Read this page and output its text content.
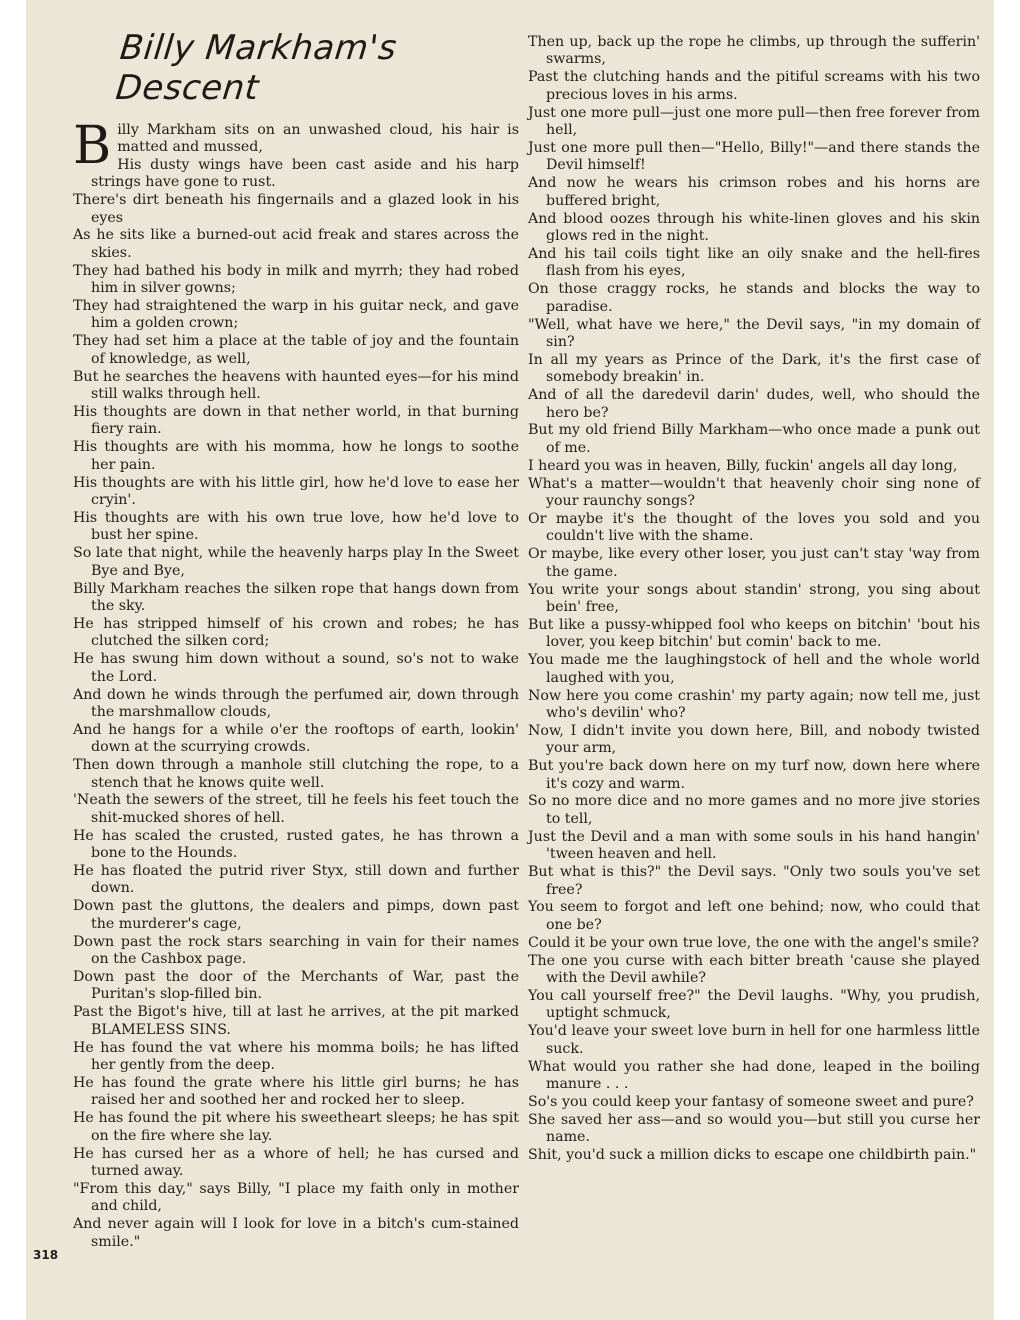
Billy Markham's Descent

Billy Markham sits on an unwashed cloud, his hair is matted and mussed,
His dusty wings have been cast aside and his harp strings have gone to rust.

There's dirt beneath his fingernails and a glazed look in his eyes

As he sits like a burned-out acid freak and stares across the skies.

They had bathed his body in milk and myrrh; they had robed him in silver gowns;

They had straightened the warp in his guitar neck, and gave him a golden crown;

They had set him a place at the table of joy and the fountain of knowledge, as well,

But he searches the heavens with haunted eyes—for his mind still walks through hell.

His thoughts are down in that nether world, in that burning fiery rain.

His thoughts are with his momma, how he longs to soothe her pain.

His thoughts are with his little girl, how he'd love to ease her cryin'.

His thoughts are with his own true love, how he'd love to bust her spine.

So late that night, while the heavenly harps play In the Sweet Bye and Bye,

Billy Markham reaches the silken rope that hangs down from the sky.

He has stripped himself of his crown and robes; he has clutched the silken cord;

He has swung him down without a sound, so's not to wake the Lord.

And down he winds through the perfumed air, down through the marshmallow clouds,

And he hangs for a while o'er the rooftops of earth, lookin' down at the scurrying crowds.

Then down through a manhole still clutching the rope, to a stench that he knows quite well.

'Neath the sewers of the street, till he feels his feet touch the shit-mucked shores of hell.

He has scaled the crusted, rusted gates, he has thrown a bone to the Hounds.

He has floated the putrid river Styx, still down and further down.

Down past the gluttons, the dealers and pimps, down past the murderer's cage,

Down past the rock stars searching in vain for their names on the Cashbox page.

Down past the door of the Merchants of War, past the Puritan's slop-filled bin.

Past the Bigot's hive, till at last he arrives, at the pit marked BLAMELESS SINS.

He has found the vat where his momma boils; he has lifted her gently from the deep.

He has found the grate where his little girl burns; he has raised her and soothed her and rocked her to sleep.

He has found the pit where his sweetheart sleeps; he has spit on the fire where she lay.

He has cursed her as a whore of hell; he has cursed and turned away.

"From this day," says Billy, "I place my faith only in mother and child,

And never again will I look for love in a bitch's cum-stained smile."

Then up, back up the rope he climbs, up through the sufferin' swarms,

Past the clutching hands and the pitiful screams with his two precious loves in his arms.

Just one more pull—just one more pull—then free forever from hell,

Just one more pull then—"Hello, Billy!"—and there stands the Devil himself!

And now he wears his crimson robes and his horns are buffered bright,

And blood oozes through his white-linen gloves and his skin glows red in the night.

And his tail coils tight like an oily snake and the hell-fires flash from his eyes,

On those craggy rocks, he stands and blocks the way to paradise.

"Well, what have we here," the Devil says, "in my domain of sin?

In all my years as Prince of the Dark, it's the first case of somebody breakin' in.

And of all the daredevil darin' dudes, well, who should the hero be?

But my old friend Billy Markham—who once made a punk out of me.

I heard you was in heaven, Billy, fuckin' angels all day long,

What's a matter—wouldn't that heavenly choir sing none of your raunchy songs?

Or maybe it's the thought of the loves you sold and you couldn't live with the shame.

Or maybe, like every other loser, you just can't stay 'way from the game.

You write your songs about standin' strong, you sing about bein' free,

But like a pussy-whipped fool who keeps on bitchin' 'bout his lover, you keep bitchin' but comin' back to me.

You made me the laughingstock of hell and the whole world laughed with you,

Now here you come crashin' my party again; now tell me, just who's devilin' who?

Now, I didn't invite you down here, Bill, and nobody twisted your arm,

But you're back down here on my turf now, down here where it's cozy and warm.

So no more dice and no more games and no more jive stories to tell,

Just the Devil and a man with some souls in his hand hangin' 'tween heaven and hell.

But what is this?" the Devil says. "Only two souls you've set free?

You seem to forgot and left one behind; now, who could that one be?

Could it be your own true love, the one with the angel's smile?

The one you curse with each bitter breath 'cause she played with the Devil awhile?

You call yourself free?" the Devil laughs. "Why, you prudish, uptight schmuck,

You'd leave your sweet love burn in hell for one harmless little suck.

What would you rather she had done, leaped in the boiling manure . . .

So's you could keep your fantasy of someone sweet and pure?

She saved her ass—and so would you—but still you curse her name.

Shit, you'd suck a million dicks to escape one childbirth pain."

318
